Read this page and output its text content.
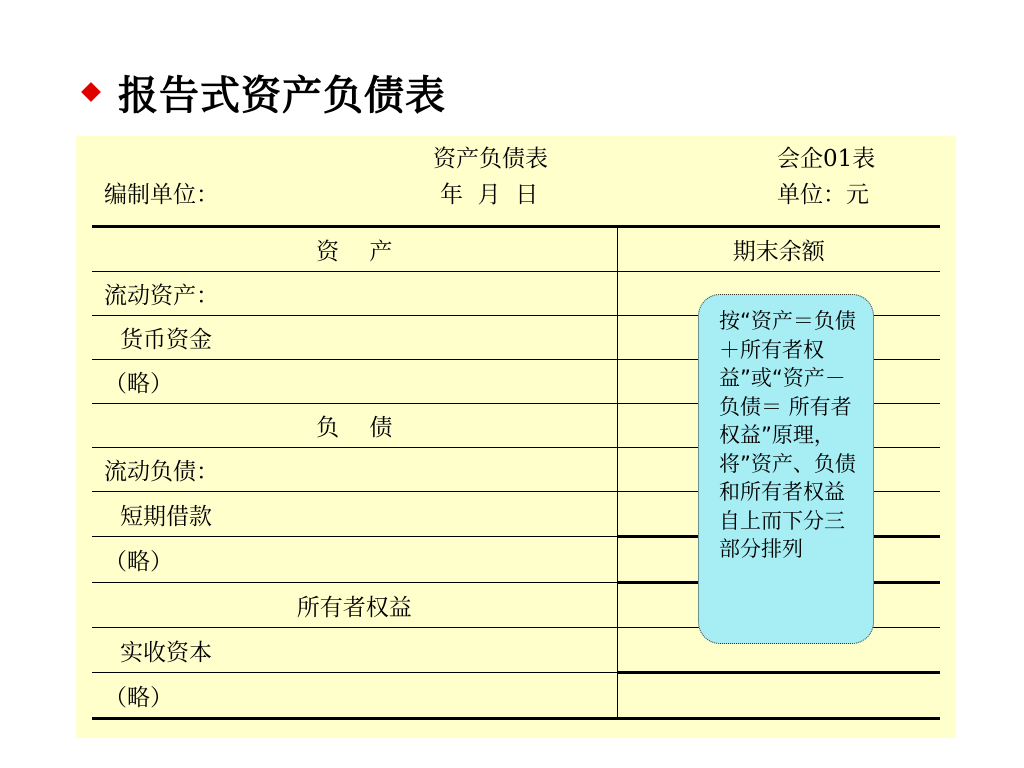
报告式资产负债表
资产负债表	会企01表
编制单位：	年  月  日	单位：元
资　 产	期末余额
流动资产：	
货币资金	
（略）	
负　 债	
流动负债：	
短期借款	
（略）	
所有者权益	
实收资本	
（略）	
按“资产＝负债＋所有者权益”或“资产－负债＝ 所有者权益”原理，将”资产、负债和所有者权益自上而下分三部分排列
